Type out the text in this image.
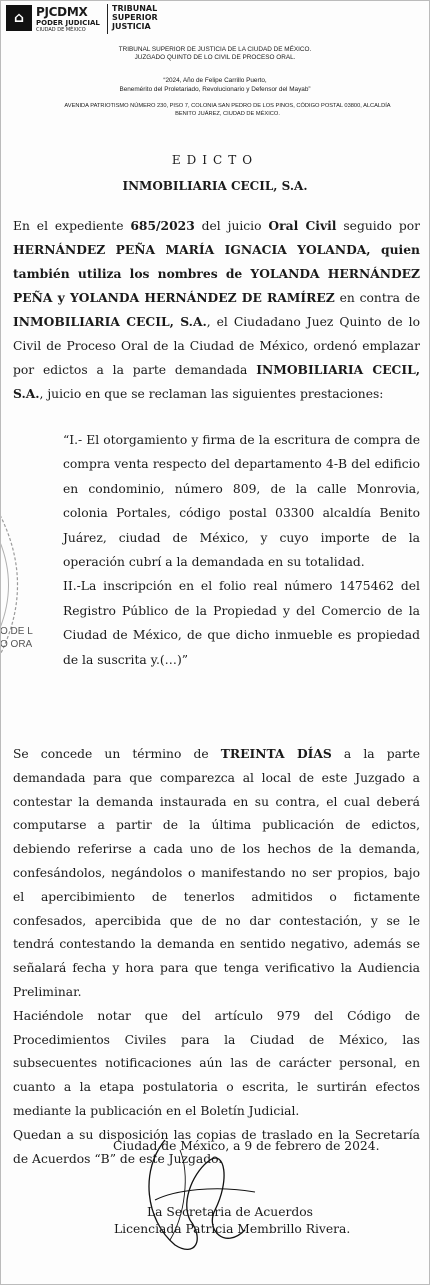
⌂ PJCDMX
PODER JUDICIAL
CIUDAD DE MÉXICO
TRIBUNAL
SUPERIOR
JUSTICIA
TRIBUNAL SUPERIOR DE JUSTICIA DE LA CIUDAD DE MÉXICO.
JUZGADO QUINTO DE LO CIVIL DE PROCESO ORAL.
“2024, Año de Felipe Carrillo Puerto,
Benemérito del Proletariado, Revolucionario y Defensor del Mayab”
AVENIDA PATRIOTISMO NÚMERO 230, PISO 7, COLONIA SAN PEDRO DE LOS PINOS, CÓDIGO POSTAL 03800, ALCALDÍA
BENITO JUÁREZ, CIUDAD DE MÉXICO.
EDICTO
INMOBILIARIA CECIL, S.A.

En el expediente 685/2023 del juicio Oral Civil seguido por HERNÁNDEZ PEÑA MARÍA IGNACIA YOLANDA, quien también utiliza los nombres de YOLANDA HERNÁNDEZ PEÑA y YOLANDA HERNÁNDEZ DE RAMÍREZ en contra de INMOBILIARIA CECIL, S.A., el Ciudadano Juez Quinto de lo Civil de Proceso Oral de la Ciudad de México, ordenó emplazar por edictos a la parte demandada INMOBILIARIA CECIL, S.A., juicio en que se reclaman las siguientes prestaciones:

“I.- El otorgamiento y firma de la escritura de compra de compra venta respecto del departamento 4-B del edificio en condominio, número 809, de la calle Monrovia, colonia Portales, código postal 03300 alcaldía Benito Juárez, ciudad de México, y cuyo importe de la operación cubrí a la demandada en su totalidad.

II.-La inscripción en el folio real número 1475462 del Registro Público de la Propiedad y del Comercio de la Ciudad de México, de que dicho inmueble es propiedad de la suscrita y.(…)”

Se concede un término de TREINTA DÍAS a la parte demandada para que comparezca al local de este Juzgado a contestar la demanda instaurada en su contra, el cual deberá computarse a partir de la última publicación de edictos, debiendo referirse a cada uno de los hechos de la demanda, confesándolos, negándolos o manifestando no ser propios, bajo el apercibimiento de tenerlos admitidos o fictamente confesados, apercibida que de no dar contestación, y se le tendrá contestando la demanda en sentido negativo, además se señalará fecha y hora para que tenga verificativo la Audiencia Preliminar.

Haciéndole notar que del artículo 979 del Código de Procedimientos Civiles para la Ciudad de México, las subsecuentes notificaciones aún las de carácter personal, en cuanto a la etapa postulatoria o escrita, le surtirán efectos mediante la publicación en el Boletín Judicial.

Quedan a su disposición las copias de traslado en la Secretaría de Acuerdos “B” de este Juzgado.

O DE L
O ORA
Ciudad de México, a 9 de febrero de 2024.
La Secretaria de Acuerdos
Licenciada Patricia Membrillo Rivera.
